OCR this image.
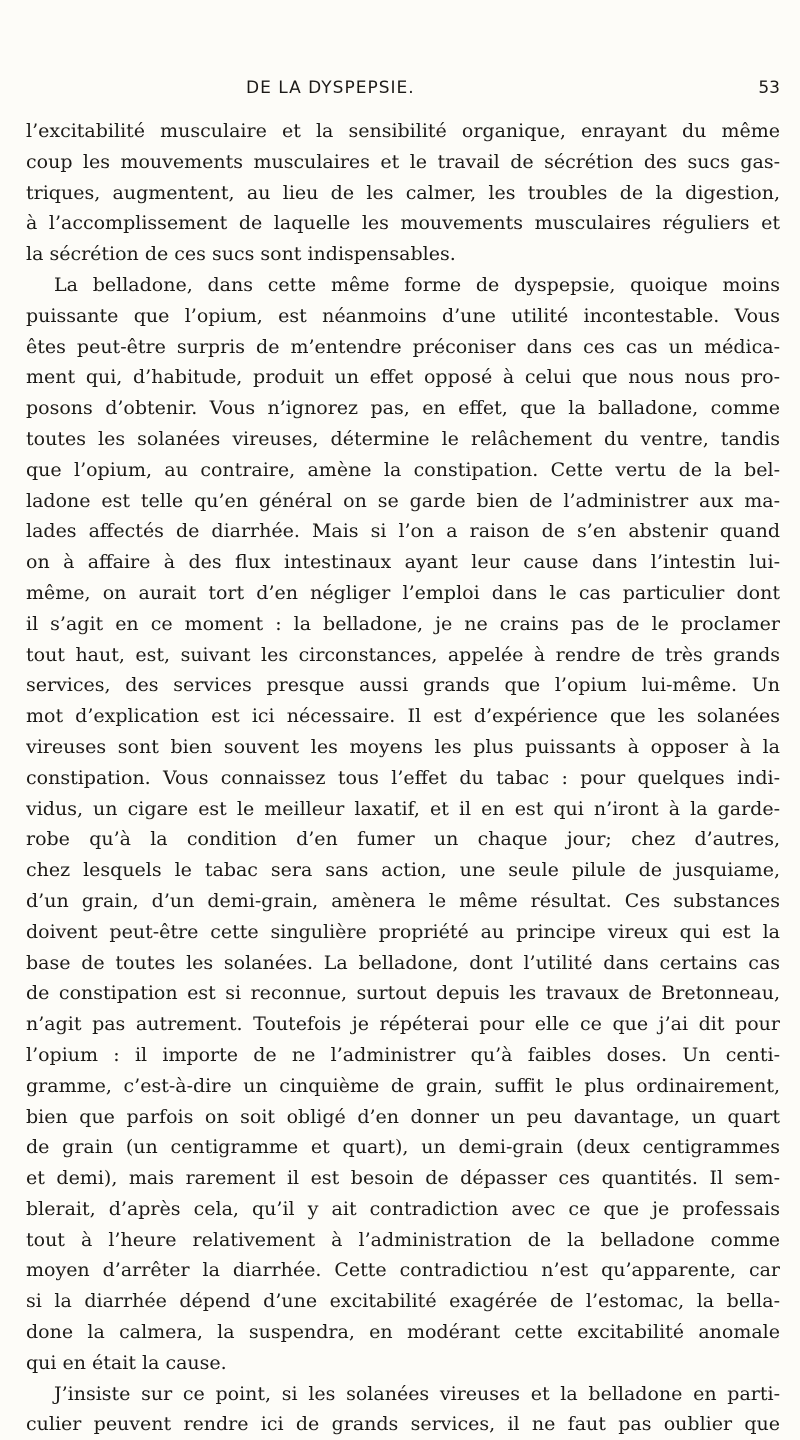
DE LA DYSPEPSIE.	53
l’excitabilité musculaire et la sensibilité organique, enrayant du même
coup les mouvements musculaires et le travail de sécrétion des sucs gas-
triques, augmentent, au lieu de les calmer, les troubles de la digestion,
à l’accomplissement de laquelle les mouvements musculaires réguliers et
la sécrétion de ces sucs sont indispensables.
La belladone, dans cette même forme de dyspepsie, quoique moins
puissante que l’opium, est néanmoins d’une utilité incontestable. Vous
êtes peut-être surpris de m’entendre préconiser dans ces cas un médica-
ment qui, d’habitude, produit un effet opposé à celui que nous nous pro-
posons d’obtenir. Vous n’ignorez pas, en effet, que la balladone, comme
toutes les solanées vireuses, détermine le relâchement du ventre, tandis
que l’opium, au contraire, amène la constipation. Cette vertu de la bel-
ladone est telle qu’en général on se garde bien de l’administrer aux ma-
lades affectés de diarrhée. Mais si l’on a raison de s’en abstenir quand
on à affaire à des flux intestinaux ayant leur cause dans l’intestin lui-
même, on aurait tort d’en négliger l’emploi dans le cas particulier dont
il s’agit en ce moment : la belladone, je ne crains pas de le proclamer
tout haut, est, suivant les circonstances, appelée à rendre de très grands
services, des services presque aussi grands que l’opium lui-même. Un
mot d’explication est ici nécessaire. Il est d’expérience que les solanées
vireuses sont bien souvent les moyens les plus puissants à opposer à la
constipation. Vous connaissez tous l’effet du tabac : pour quelques indi-
vidus, un cigare est le meilleur laxatif, et il en est qui n’iront à la garde-
robe qu’à la condition d’en fumer un chaque jour; chez d’autres,
chez lesquels le tabac sera sans action, une seule pilule de jusquiame,
d’un grain, d’un demi-grain, amènera le même résultat. Ces substances
doivent peut-être cette singulière propriété au principe vireux qui est la
base de toutes les solanées. La belladone, dont l’utilité dans certains cas
de constipation est si reconnue, surtout depuis les travaux de Bretonneau,
n’agit pas autrement. Toutefois je répéterai pour elle ce que j’ai dit pour
l’opium : il importe de ne l’administrer qu’à faibles doses. Un centi-
gramme, c’est-à-dire un cinquième de grain, suffit le plus ordinairement,
bien que parfois on soit obligé d’en donner un peu davantage, un quart
de grain (un centigramme et quart), un demi-grain (deux centigrammes
et demi), mais rarement il est besoin de dépasser ces quantités. Il sem-
blerait, d’après cela, qu’il y ait contradiction avec ce que je professais
tout à l’heure relativement à l’administration de la belladone comme
moyen d’arrêter la diarrhée. Cette contradictiou n’est qu’apparente, car
si la diarrhée dépend d’une excitabilité exagérée de l’estomac, la bella-
done la calmera, la suspendra, en modérant cette excitabilité anomale
qui en était la cause.
J’insiste sur ce point, si les solanées vireuses et la belladone en parti-
culier peuvent rendre ici de grands services, il ne faut pas oublier que
